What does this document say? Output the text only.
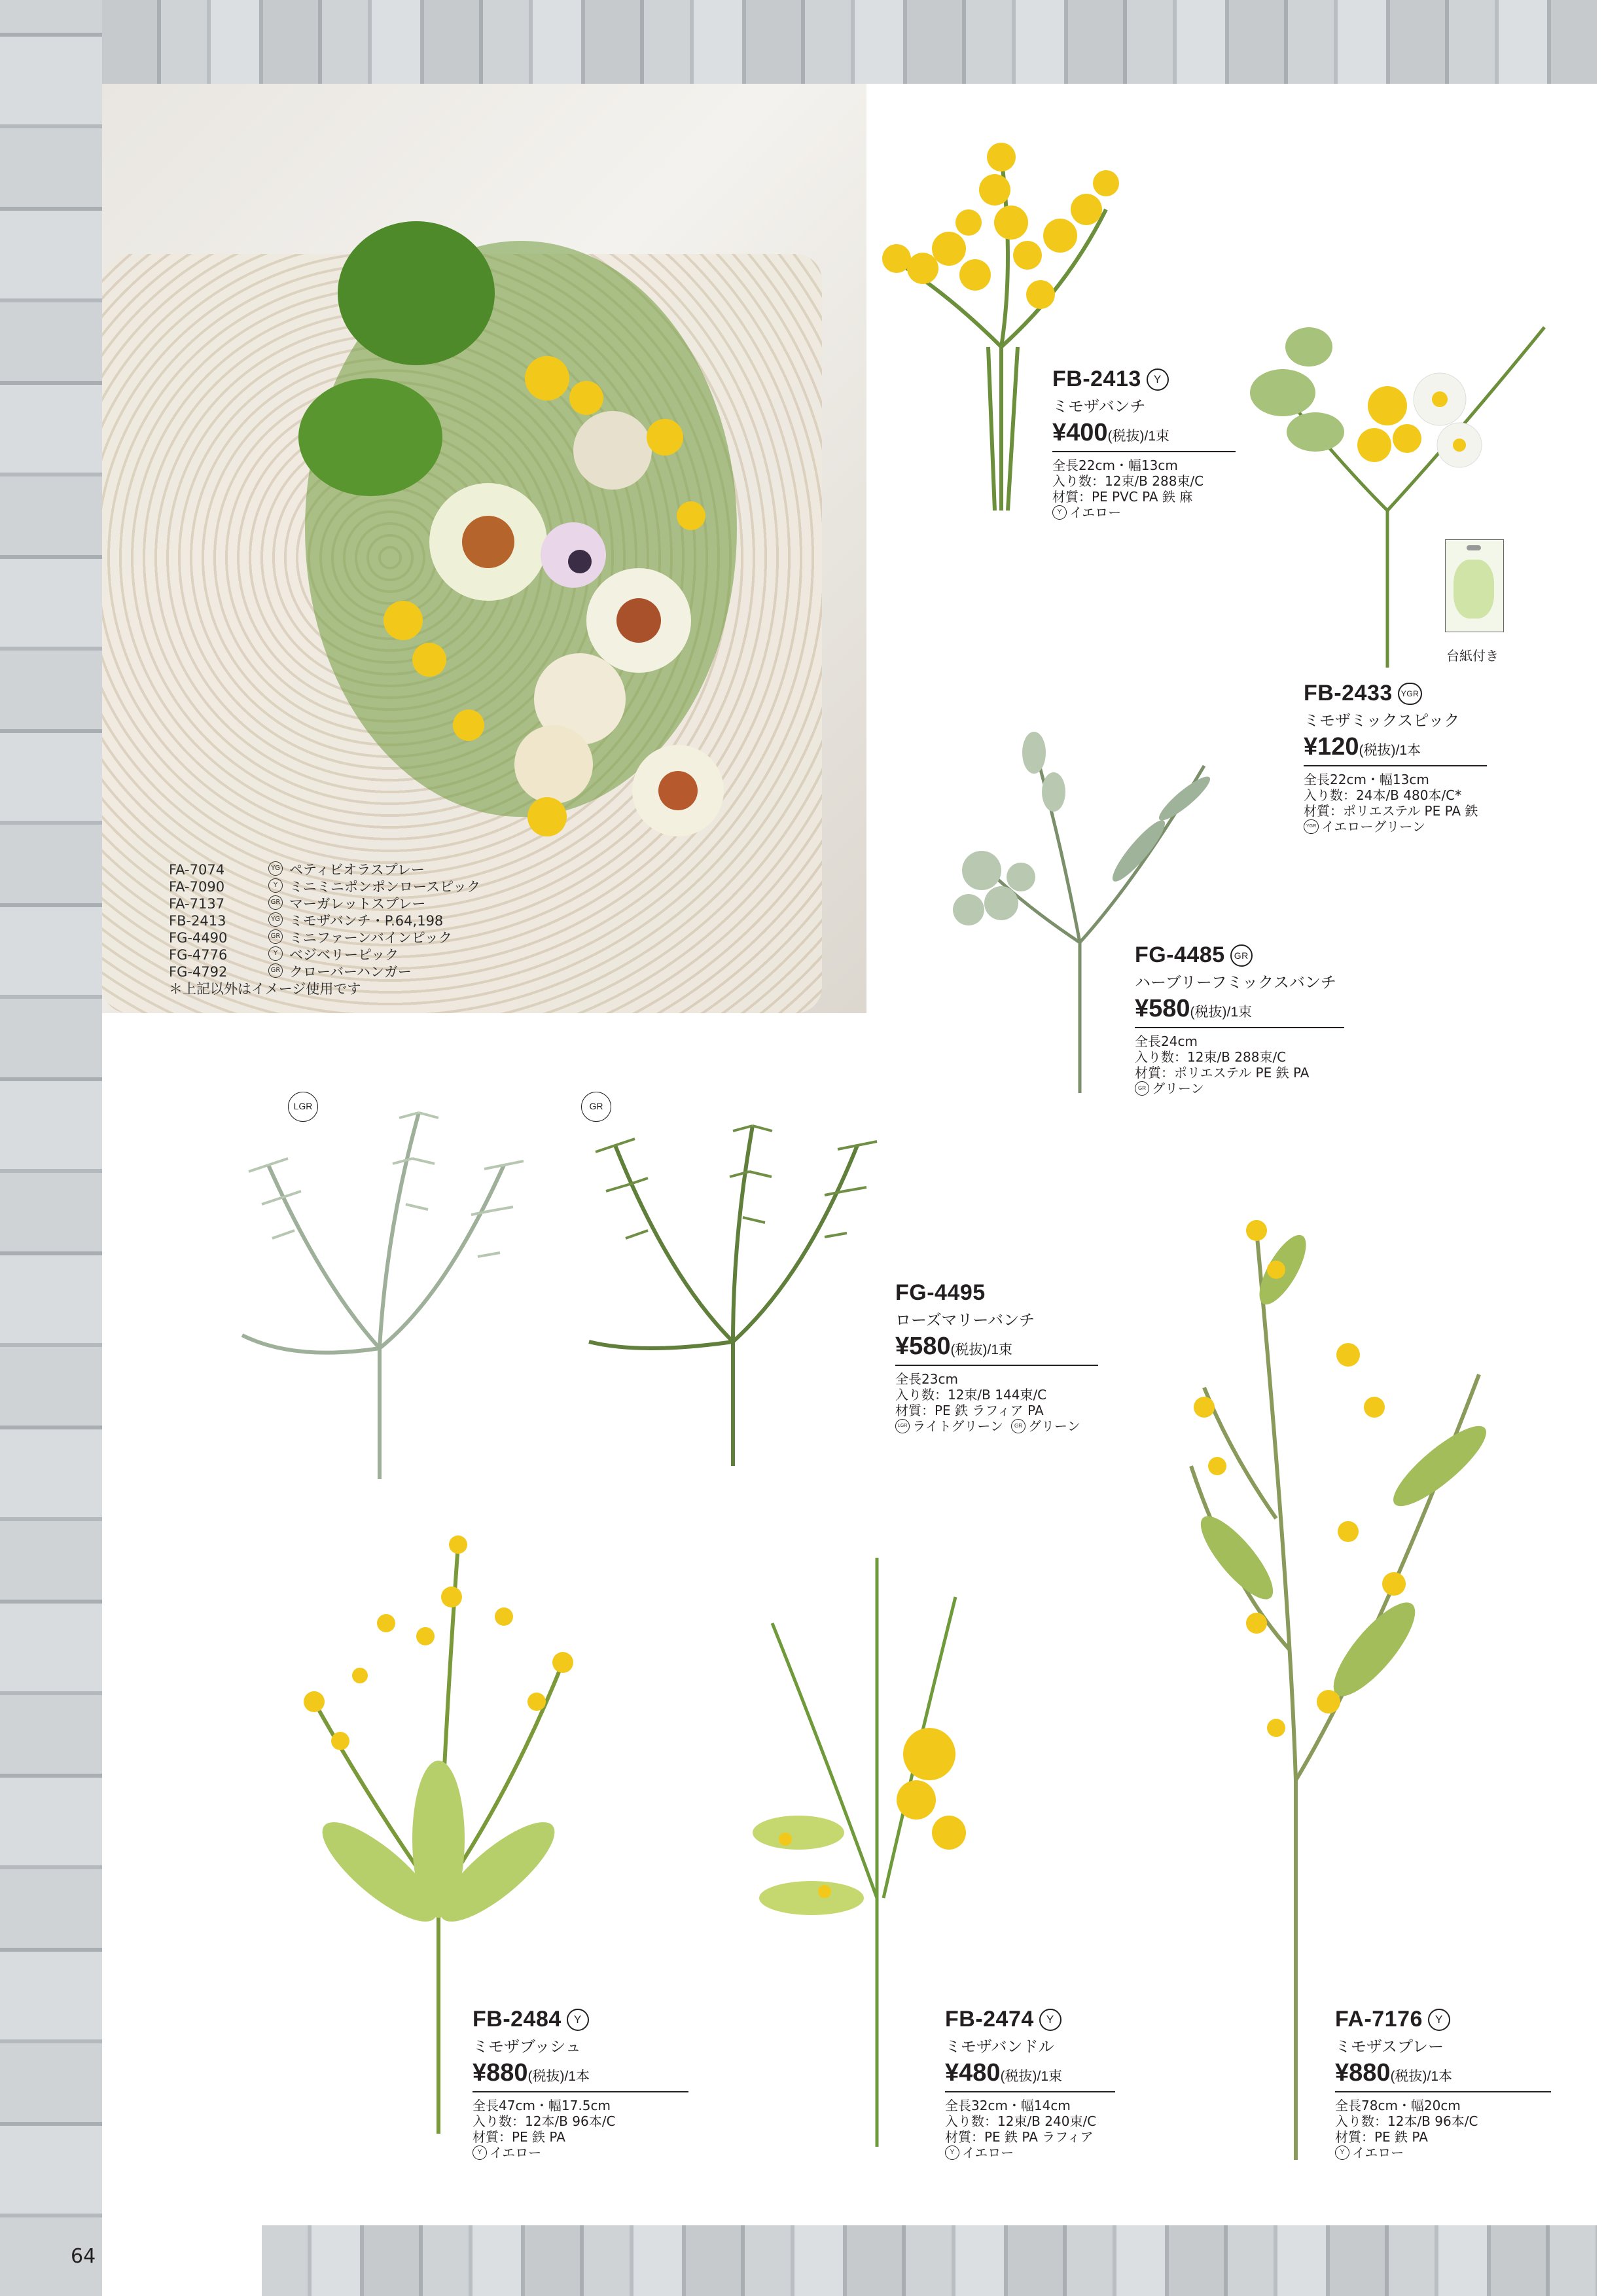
64
FA-7074	YG ペティビオラスプレー
FA-7090	Y ミニミニポンポンロースピック
FA-7137	GR マーガレットスプレー
FB-2413	YG ミモザバンチ・P.64,198
FG-4490	GR ミニファーンバインピック
FG-4776	Y ベジベリーピック
FG-4792	GR クローバーハンガー
＊上記以外はイメージ使用です
台紙付き
LGR	GR
FB-2413	Y
ミモザバンチ
¥400(税抜)/1束
全長22cm・幅13cm
入り数：12束/B 288束/C
材質：PE PVC PA 鉄 麻
Y イエロー
FB-2433	YGR
ミモザミックスピック
¥120(税抜)/1本
全長22cm・幅13cm
入り数：24本/B 480本/C*
材質：ポリエステル PE PA 鉄
YGR イエローグリーン
FG-4485	GR
ハーブリーフミックスバンチ
¥580(税抜)/1束
全長24cm
入り数：12束/B 288束/C
材質：ポリエステル PE 鉄 PA
GR グリーン
FG-4495
ローズマリーバンチ
¥580(税抜)/1束
全長23cm
入り数：12束/B 144束/C
材質：PE 鉄 ラフィア PA
LGR ライトグリーン	GR グリーン
FB-2484	Y
ミモザブッシュ
¥880(税抜)/1本
全長47cm・幅17.5cm
入り数：12本/B 96本/C
材質：PE 鉄 PA
Y イエロー
FB-2474	Y
ミモザバンドル
¥480(税抜)/1束
全長32cm・幅14cm
入り数：12束/B 240束/C
材質：PE 鉄 PA ラフィア
Y イエロー
FA-7176	Y
ミモザスプレー
¥880(税抜)/1本
全長78cm・幅20cm
入り数：12本/B 96本/C
材質：PE 鉄 PA
Y イエロー
